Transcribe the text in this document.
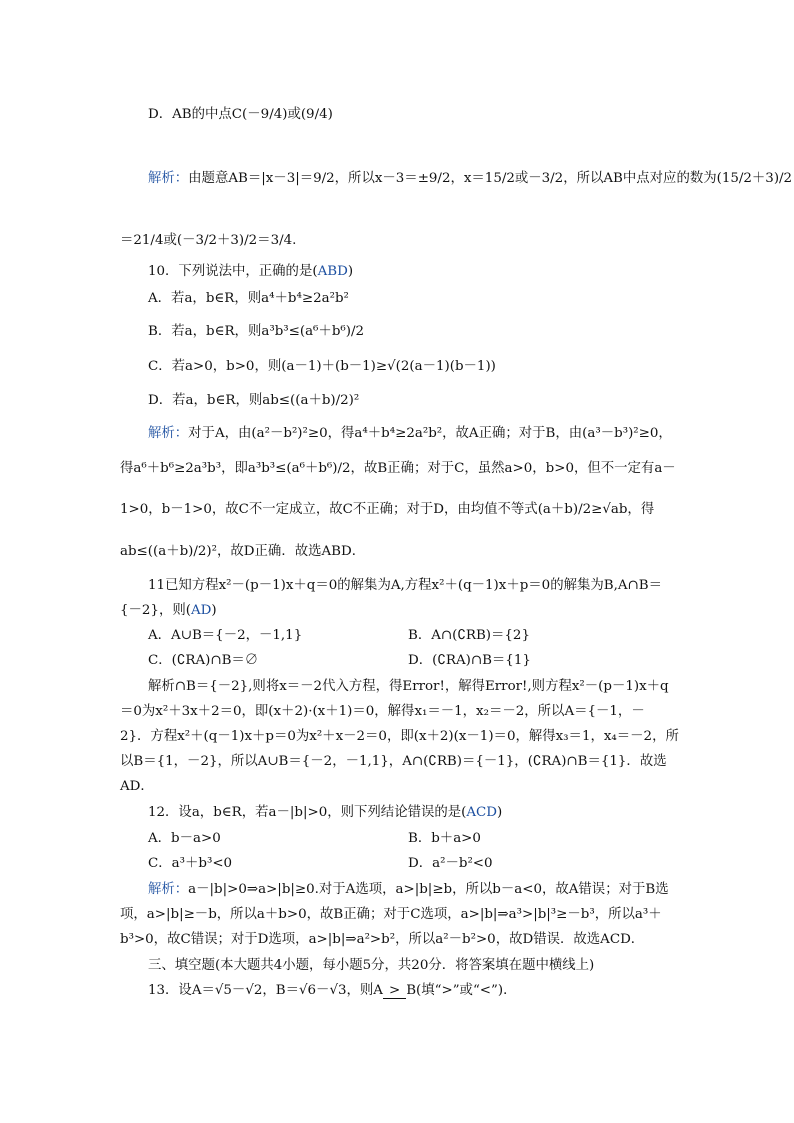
D．AB的中点C(－9/4)或(9/4)
解析：由题意AB＝|x－3|＝9/2，所以x－3＝±9/2，x＝15/2或－3/2，所以AB中点对应的数为(15/2＋3)/2
＝21/4或(－3/2＋3)/2＝3/4.
10．下列说法中，正确的是(ABD)
A．若a，b∈R，则a⁴＋b⁴≥2a²b²
B．若a，b∈R，则a³b³≤(a⁶＋b⁶)/2
C．若a>0，b>0，则(a－1)＋(b－1)≥√(2(a－1)(b－1))
D．若a，b∈R，则ab≤((a＋b)/2)²
解析：对于A，由(a²－b²)²≥0，得a⁴＋b⁴≥2a²b²，故A正确；对于B，由(a³－b³)²≥0，
得a⁶＋b⁶≥2a³b³，即a³b³≤(a⁶＋b⁶)/2，故B正确；对于C，虽然a>0，b>0，但不一定有a－
1>0，b－1>0，故C不一定成立，故C不正确；对于D，由均值不等式(a＋b)/2≥√ab，得
ab≤((a＋b)/2)²，故D正确．故选ABD．
11已知方程x²－(p－1)x＋q＝0的解集为A,方程x²＋(q－1)x＋p＝0的解集为B,A∩B＝
{－2}，则(AD)
A．A∪B＝{－2，－1,1}	B．A∩(∁RB)＝{2}
C．(∁RA)∩B＝∅	D．(∁RA)∩B＝{1}
解析∩B＝{－2},则将x＝－2代入方程，得Error!，解得Error!,则方程x²－(p－1)x＋q
＝0为x²＋3x＋2＝0，即(x＋2)·(x＋1)＝0，解得x₁＝－1，x₂＝－2，所以A＝{－1，－
2}．方程x²＋(q－1)x＋p＝0为x²＋x－2＝0，即(x＋2)(x－1)＝0，解得x₃＝1，x₄＝－2，所
以B＝{1，－2}，所以A∪B＝{－2，－1,1}，A∩(∁RB)＝{－1}，(∁RA)∩B＝{1}．故选
AD．
12．设a，b∈R，若a－|b|>0，则下列结论错误的是(ACD)
A．b－a>0	B．b＋a>0
C．a³＋b³<0	D．a²－b²<0
解析：a－|b|>0⇒a>|b|≥0.对于A选项，a>|b|≥b，所以b－a<0，故A错误；对于B选
项，a>|b|≥－b，所以a＋b>0，故B正确；对于C选项，a>|b|⇒a³>|b|³≥－b³，所以a³＋
b³>0，故C错误；对于D选项，a>|b|⇒a²>b²，所以a²－b²>0，故D错误．故选ACD．
三、填空题(本大题共4小题，每小题5分，共20分．将答案填在题中横线上)
13．设A＝√5－√2，B＝√6－√3，则A > B(填“>”或“<”)．
